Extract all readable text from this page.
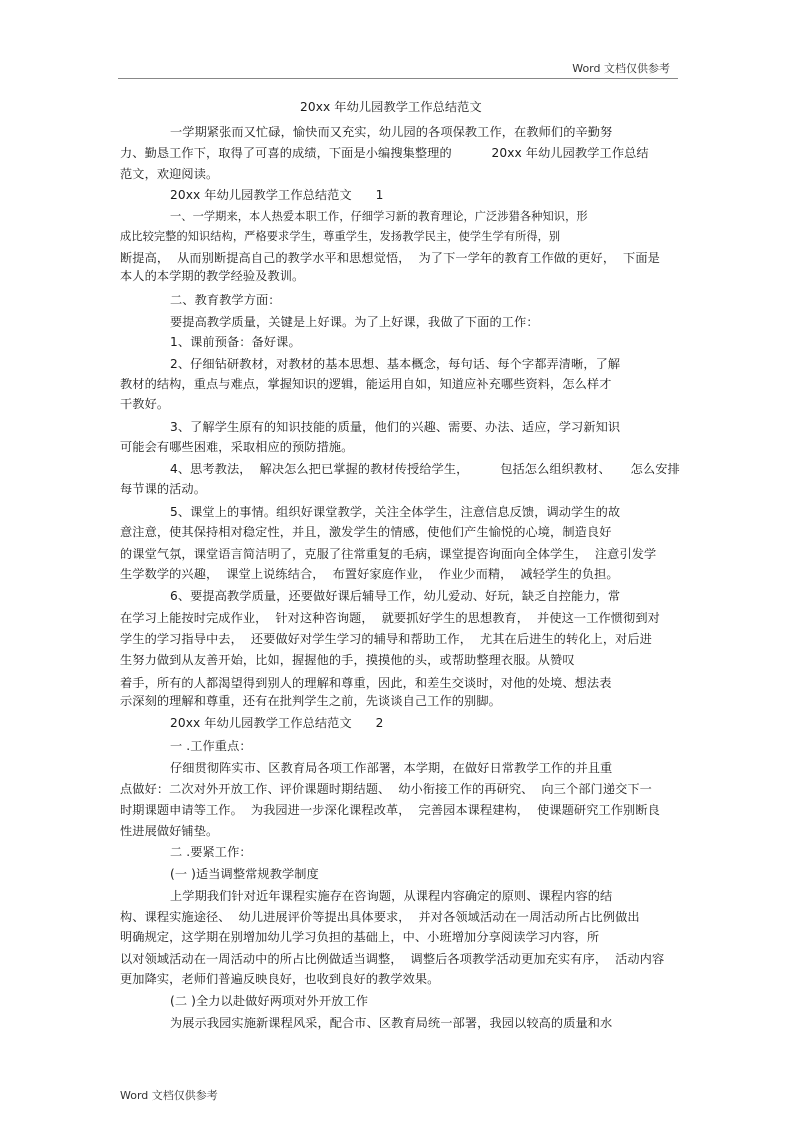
Word 文档仅供参考
20xx 年幼儿园教学工作总结范文
一学期紧张而又忙碌，愉快而又充实，幼儿园的各项保教工作，在教师们的辛勤努
力、勤恳工作下，取得了可喜的成绩，下面是小编搜集整理的          20xx 年幼儿园教学工作总结
范文，欢迎阅读。
20xx 年幼儿园教学工作总结范文      1
一、一学期来，本人热爱本职工作，仔细学习新的教育理论，广泛涉猎各种知识，形
成比较完整的知识结构，严格要求学生，尊重学生，发扬教学民主，使学生学有所得，别
断提高，  从而别断提高自己的教学水平和思想觉悟，  为了下一学年的教育工作做的更好，  下面是
本人的本学期的教学经验及教训。
二、教育教学方面：
要提高教学质量，关键是上好课。为了上好课，我做了下面的工作：
1、课前预备：备好课。
2、仔细钻研教材，对教材的基本思想、基本概念，每句话、每个字都弄清晰，了解
教材的结构，重点与难点，掌握知识的逻辑，能运用自如，知道应补充哪些资料，怎么样才
干教好。
3、了解学生原有的知识技能的质量，他们的兴趣、需要、办法、适应，学习新知识
可能会有哪些困难，采取相应的预防措施。
4、思考教法，  解决怎么把已掌握的教材传授给学生，        包括怎么组织教材、     怎么安排
每节课的活动。
5、课堂上的事情。组织好课堂教学，关注全体学生，注意信息反馈，调动学生的故
意注意，使其保持相对稳定性，并且，激发学生的情感，使他们产生愉悦的心境，制造良好
的课堂气氛，课堂语言简洁明了，克服了往常重复的毛病，课堂提咨询面向全体学生，  注意引发学
生学数学的兴趣，  课堂上说练结合，  布置好家庭作业，  作业少而精，  减轻学生的负担。
6、要提高教学质量，还要做好课后辅导工作，幼儿爱动、好玩，缺乏自控能力，常
在学习上能按时完成作业，  针对这种咨询题，  就要抓好学生的思想教育，  并使这一工作惯彻到对
学生的学习指导中去，  还要做好对学生学习的辅导和帮助工作，  尤其在后进生的转化上，对后进
生努力做到从友善开始，比如，握握他的手，摸摸他的头，或帮助整理衣服。从赞叹
着手，所有的人都渴望得到别人的理解和尊重，因此，和差生交谈时，对他的处境、想法表
示深刻的理解和尊重，还有在批判学生之前，先谈谈自己工作的别脚。
20xx 年幼儿园教学工作总结范文      2
一 .工作重点：
仔细贯彻阵实市、区教育局各项工作部署，本学期，在做好日常教学工作的并且重
点做好：二次对外开放工作、评价课题时期结题、  幼小衔接工作的再研究、  向三个部门递交下一
时期课题申请等工作。  为我园进一步深化课程改革，  完善园本课程建构，  使课题研究工作别断良
性进展做好铺垫。
二 .要紧工作：
(一 )适当调整常规教学制度
上学期我们针对近年课程实施存在咨询题，从课程内容确定的原则、课程内容的结
构、课程实施途径、  幼儿进展评价等提出具体要求，  并对各领域活动在一周活动所占比例做出
明确规定，这学期在别增加幼儿学习负担的基础上，中、小班增加分享阅读学习内容，所
以对领域活动在一周活动中的所占比例做适当调整，  调整后各项教学活动更加充实有序，  活动内容
更加降实，老师们普遍反映良好，也收到良好的教学效果。
(二 )全力以赴做好两项对外开放工作
为展示我园实施新课程风采，配合市、区教育局统一部署，我园以较高的质量和水
Word 文档仅供参考
